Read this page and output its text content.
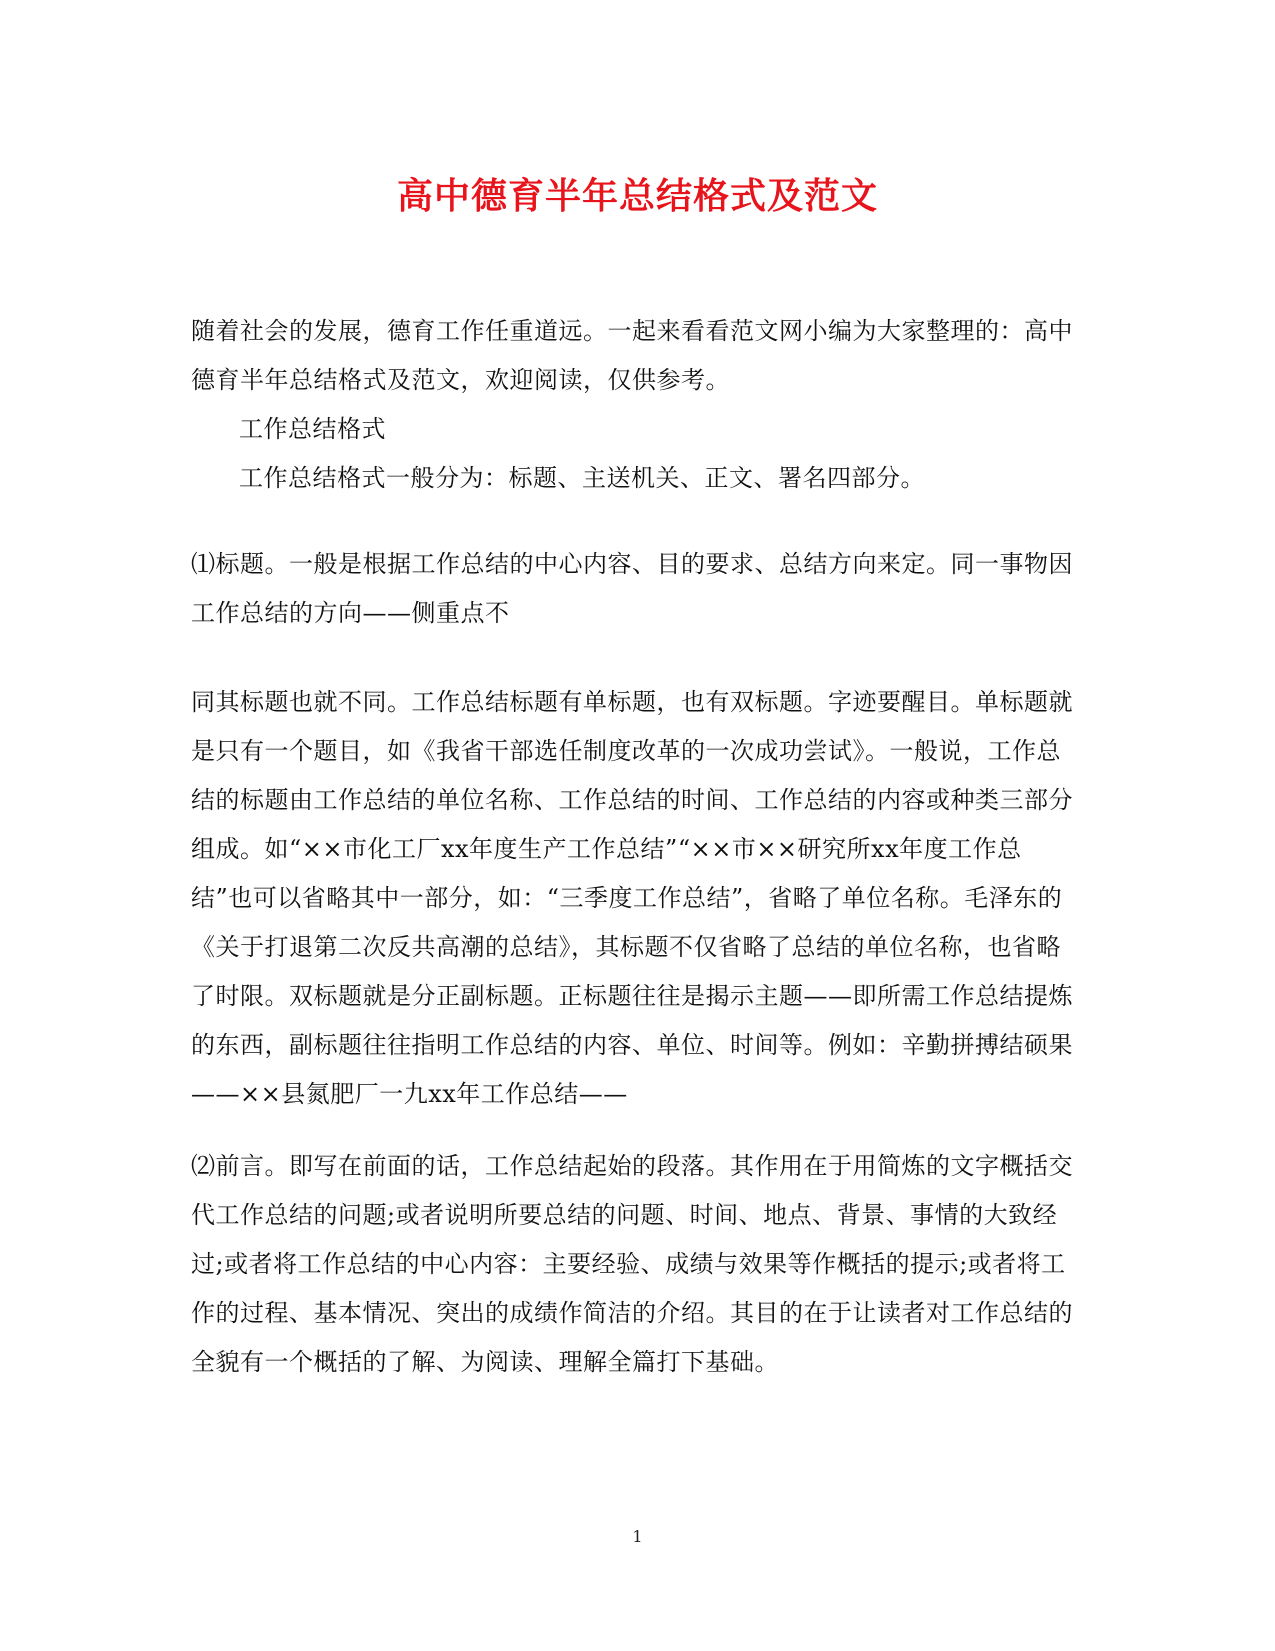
高中德育半年总结格式及范文

随着社会的发展，德育工作任重道远。一起来看看范文网小编为大家整理的：高中德育半年总结格式及范文，欢迎阅读，仅供参考。

工作总结格式

工作总结格式一般分为：标题、主送机关、正文、署名四部分。

⑴标题。一般是根据工作总结的中心内容、目的要求、总结方向来定。同一事物因工作总结的方向——侧重点不

同其标题也就不同。工作总结标题有单标题，也有双标题。字迹要醒目。单标题就是只有一个题目，如《我省干部选任制度改革的一次成功尝试》。一般说，工作总结的标题由工作总结的单位名称、工作总结的时间、工作总结的内容或种类三部分组成。如“××市化工厂xx年度生产工作总结”“××市××研究所xx年度工作总结”也可以省略其中一部分，如：“三季度工作总结”，省略了单位名称。毛泽东的《关于打退第二次反共高潮的总结》，其标题不仅省略了总结的单位名称，也省略了时限。双标题就是分正副标题。正标题往往是揭示主题——即所需工作总结提炼的东西，副标题往往指明工作总结的内容、单位、时间等。例如：辛勤拼搏结硕果——××县氮肥厂一九xx年工作总结——

⑵前言。即写在前面的话，工作总结起始的段落。其作用在于用简炼的文字概括交代工作总结的问题;或者说明所要总结的问题、时间、地点、背景、事情的大致经过;或者将工作总结的中心内容：主要经验、成绩与效果等作概括的提示;或者将工作的过程、基本情况、突出的成绩作简洁的介绍。其目的在于让读者对工作总结的全貌有一个概括的了解、为阅读、理解全篇打下基础。

1
